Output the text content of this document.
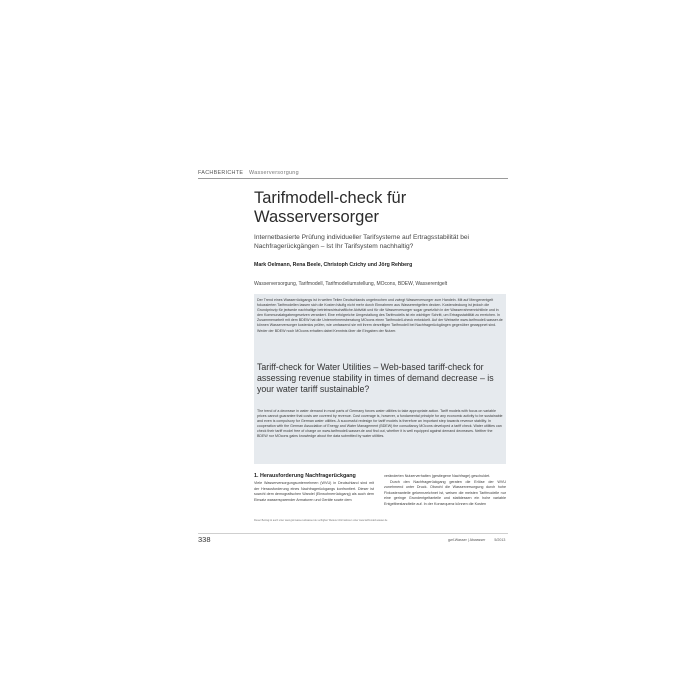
FACHBERICHTE Wasserversorgung
Tarifmodell-check für Wasserversorger

Internetbasierte Prüfung individueller Tarifsysteme auf Ertragsstabilität bei Nachfragerückgängen – Ist Ihr Tarifsystem nachhaltig?

Mark Oelmann, Rena Beele, Christoph Czichy und Jörg Rehberg
Wasserversorgung, Tarifmodell, Tarifmodellumstellung, MOcons, BDEW, Wasserentgelt

Der Trend eines Wasserrückgangs ist in weiten Teilen Deutschlands ungebrochen und zwingt Wasserversorger zum Handeln. Mit auf Mengenentgelt fokussierten Tarifmodellen lassen sich die Kosten häufig nicht mehr durch Einnahmen aus Wasserentgelten decken. Kostendeckung ist jedoch die Grundprinzip für jedwede nachhaltige betriebswirtschaftliche Aktivität und für die Wasserversorger sogar gesetzlich in der Wasserrahmenrichtlinie und in den Kommunalabgabengesetzen verankert. Eine erfolgreiche Umgestaltung des Tarifmodells ist ein wichtiger Schritt, um Ertragsstabilität zu erreichen. In Zusammenarbeit mit dem BDEW hat die Unternehmensberatung MOcons einen Tarifmodell-check entwickelt. Auf der Webseite www.tarifmodell-wasser.de können Wasserversorger kostenlos prüfen, wie umfassend sie mit ihrem derzeitigen Tarifmodell bei Nachfragerückgängen gegenüber gewappnet sind. Weder der BDEW noch MOcons erhalten dabei Kenntnis über die Eingaben der Nutzer.

Tariff-check for Water Utilities – Web-based tariff-check for assessing revenue stability in times of demand decrease – is your water tariff sustainable?

The trend of a decrease in water demand in most parts of Germany forces water utilities to take appropriate action. Tariff models with focus on variable prices cannot guarantee that costs are covered by revenue. Cost coverage is, however, a fundamental principle for any economic activity to be sustainable and even is compulsory for German water utilities. A successful redesign for tariff models is therefore an important step towards revenue stability. In cooperation with the German Association of Energy and Water Management (BDEW) the consultancy MOcons developed a tariff check. Water utilities can check their tariff model free of charge on www.tarifmodell-wasser.de and find out, whether it is well equipped against demand decreases. Neither the BDEW nor MOcons gains knowledge about the data submitted by water utilities.

1. Herausforderung Nachfragerückgang

Viele Wasserversorgungsunternehmen (WVU) in Deutschland sind mit der Herausforderung eines Nachfragerückgangs konfrontiert. Dieser ist sowohl dem demografischen Wandel (Einwohnerrückgang) als auch dem Einsatz wassersparender Armaturen und Geräte sowie dem

Dieser Beitrag ist auch unter www.gwf-wasser-abwasser.de verfügbar. Weitere Informationen unter www.tarifmodell-wasser.de

veränderten Nutzerverhalten (gestiegene Nachfrage) geschuldet.

Durch den Nachfragerückgang geraten die Erlöse der WVU zunehmend unter Druck. Obwohl die Wasserversorgung durch hohe Fixkostenanteile gekennzeichnet ist, weisen die meisten Tarifmodelle nur eine geringe Grundentgeltanteile und stattdessen ein hohe variable Entgeltbestandteile auf. In der Konsequenz können die Kosten

338	gwf-Wasser | Abwasser	5/2013
